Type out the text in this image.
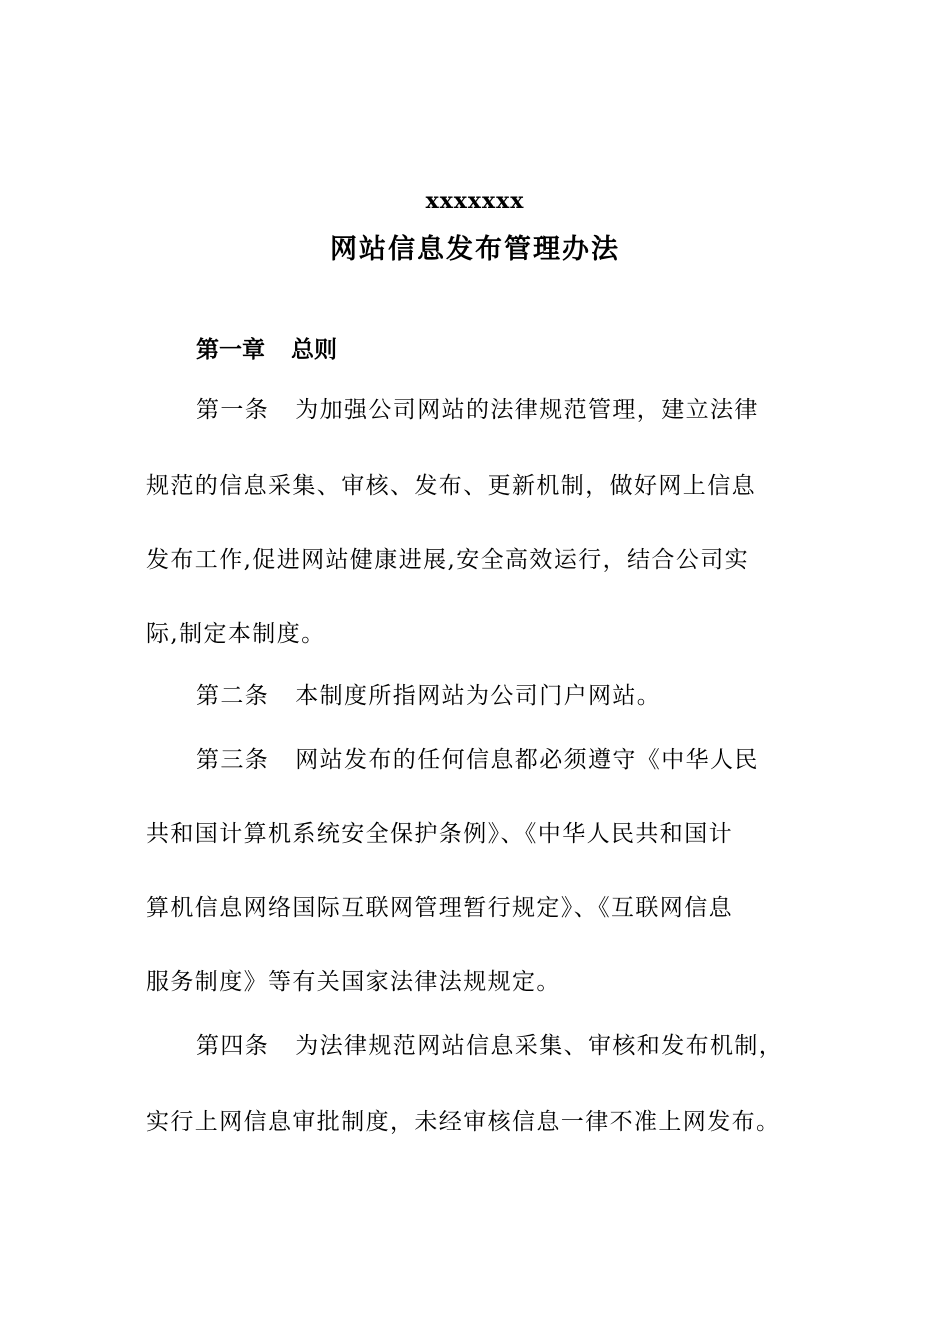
xxxxxxx
网站信息发布管理办法
第一章 总则
第一条 为加强公司网站的法律规范管理，建立法律
规范的信息采集、审核、发布、更新机制，做好网上信息
发布工作,促进网站健康进展,安全高效运行，结合公司实
际,制定本制度。
第二条 本制度所指网站为公司门户网站。
第三条 网站发布的任何信息都必须遵守《中华人民
共和国计算机系统安全保护条例》、《中华人民共和国计
算机信息网络国际互联网管理暂行规定》、《互联网信息
服务制度》等有关国家法律法规规定。
第四条 为法律规范网站信息采集、审核和发布机制，
实行上网信息审批制度，未经审核信息一律不准上网发布。
